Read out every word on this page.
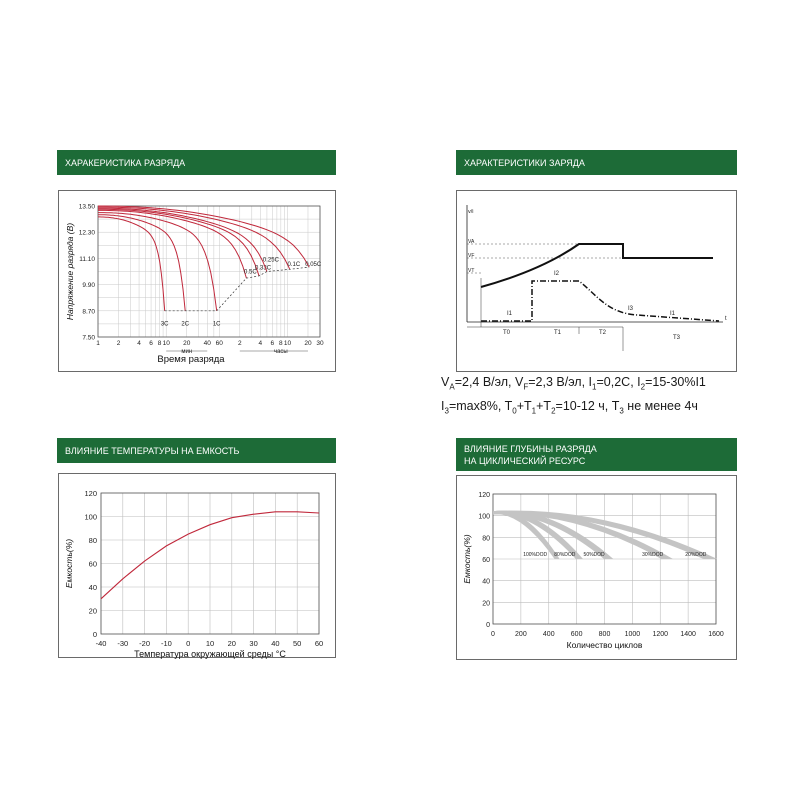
ХАРАКЕРИСТИКА РАЗРЯДА	ХАРАКТЕРИСТИКИ ЗАРЯДА
ВЛИЯНИЕ ТЕМПЕРАТУРЫ НА ЕМКОСТЬ	ВЛИЯНИЕ ГЛУБИНЫ РАЗРЯДА
НА ЦИКЛИЧЕСКИЙ РЕСУРС
7.50
8.70
9.90
11.10
12.30
13.50
1	2	4 6 8 10 20 40 60 2	4 6 8 10 20 30
мин	часы
Время разряда
Напряжение разряда (В)
3C 2C	1C
0.5C
0.33C
0.25C
0.1C 0.05C
v/i
t
VA
VF
VT
I1
I2
I3
I1
T0	T1	T2
T3
0
20
40
60
80
100
120
-40 -30 -20 -10 0 10 20 30 40 50 60
Температура окружающей среды °С
Емкость(%)
0
20
40
60
80
100
120
0	200 400 600 800 1000 1200 1400 1600
Количество циклов
Емкость(%)	100%DOD 80%DOD 50%DOD	30%DOD	20%DOD
$V_A=2,4$ В/эл, $V_F=2,3$ В/эл, $I_1=0,2C$, $I_2=15-30\%I1$
$I_3=\max 8\%$, $T_0+T_1+T_2=10-12$ ч, $T_3$ не менее 4ч
